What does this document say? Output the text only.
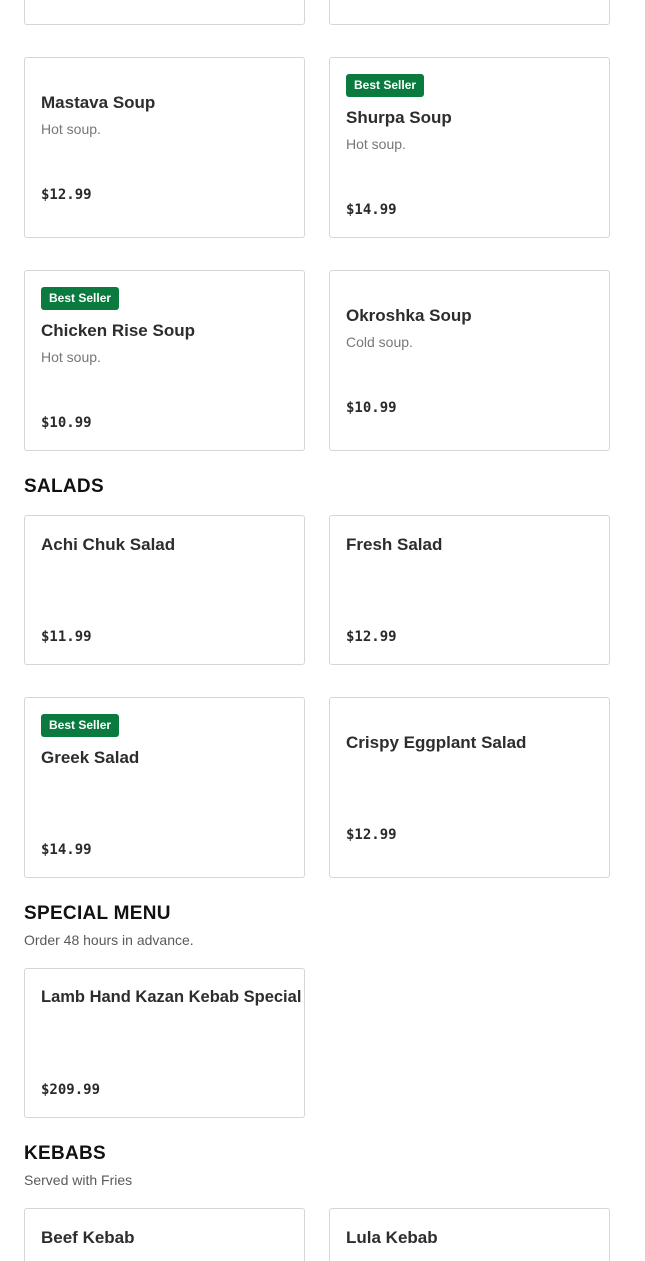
Mastava Soup
Hot soup.
$12.99
Best Seller
Shurpa Soup
Hot soup.
$14.99
Best Seller
Chicken Rise Soup
Hot soup.
$10.99
Okroshka Soup
Cold soup.
$10.99
SALADS
Achi Chuk Salad
$11.99
Fresh Salad
$12.99
Best Seller
Greek Salad
$14.99
Crispy Eggplant Salad
$12.99
SPECIAL MENU
Order 48 hours in advance.
Lamb Hand Kazan Kebab Special
$209.99
KEBABS
Served with Fries
Beef Kebab	Lula Kebab
